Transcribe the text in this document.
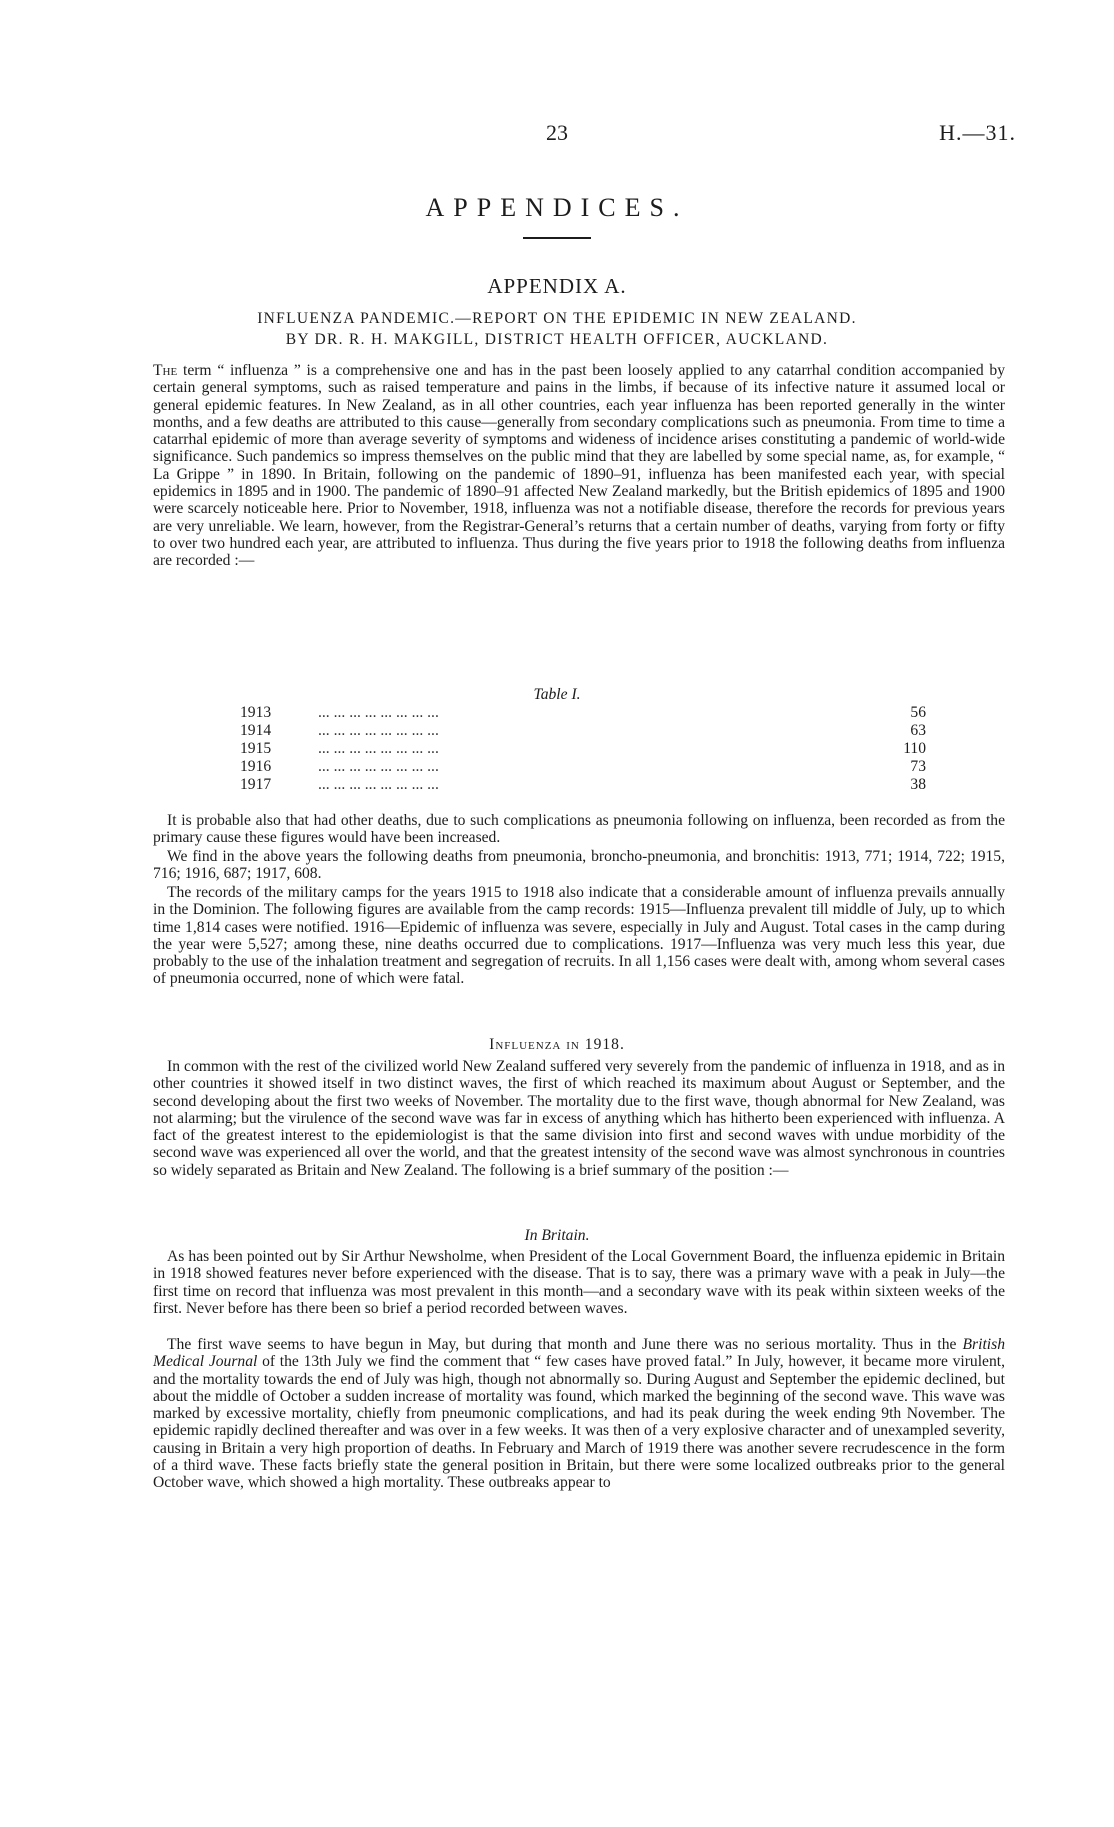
23	H.—31.
APPENDICES.
APPENDIX A.
INFLUENZA PANDEMIC.—REPORT ON THE EPIDEMIC IN NEW ZEALAND.
BY DR. R. H. MAKGILL, DISTRICT HEALTH OFFICER, AUCKLAND.

The term “ influenza ” is a comprehensive one and has in the past been loosely applied to any catarrhal condition accompanied by certain general symptoms, such as raised temperature and pains in the limbs, if because of its infective nature it assumed local or general epidemic features. In New Zealand, as in all other countries, each year influenza has been reported generally in the winter months, and a few deaths are attributed to this cause—generally from secondary complications such as pneumonia. From time to time a catarrhal epidemic of more than average severity of symptoms and wideness of incidence arises constituting a pandemic of world-wide significance. Such pandemics so impress themselves on the public mind that they are labelled by some special name, as, for example, “ La Grippe ” in 1890. In Britain, following on the pandemic of 1890–91, influenza has been manifested each year, with special epidemics in 1895 and in 1900. The pandemic of 1890–91 affected New Zealand markedly, but the British epidemics of 1895 and 1900 were scarcely noticeable here. Prior to November, 1918, influenza was not a notifiable disease, therefore the records for previous years are very unreliable. We learn, however, from the Registrar-General’s returns that a certain number of deaths, varying from forty or fifty to over two hundred each year, are attributed to influenza. Thus during the five years prior to 1918 the following deaths from influenza are recorded :—

Table I.
1913	... ... ... ... ... ... ... ...	56
1914	... ... ... ... ... ... ... ...	63
1915	... ... ... ... ... ... ... ...	110
1916	... ... ... ... ... ... ... ...	73
1917	... ... ... ... ... ... ... ...	38

It is probable also that had other deaths, due to such complications as pneumonia following on influenza, been recorded as from the primary cause these figures would have been increased.

We find in the above years the following deaths from pneumonia, broncho-pneumonia, and bronchitis: 1913, 771; 1914, 722; 1915, 716; 1916, 687; 1917, 608.

The records of the military camps for the years 1915 to 1918 also indicate that a considerable amount of influenza prevails annually in the Dominion. The following figures are available from the camp records: 1915—Influenza prevalent till middle of July, up to which time 1,814 cases were notified. 1916—Epidemic of influenza was severe, especially in July and August. Total cases in the camp during the year were 5,527; among these, nine deaths occurred due to complications. 1917—Influenza was very much less this year, due probably to the use of the inhalation treatment and segregation of recruits. In all 1,156 cases were dealt with, among whom several cases of pneumonia occurred, none of which were fatal.

Influenza in 1918.

In common with the rest of the civilized world New Zealand suffered very severely from the pandemic of influenza in 1918, and as in other countries it showed itself in two distinct waves, the first of which reached its maximum about August or September, and the second developing about the first two weeks of November. The mortality due to the first wave, though abnormal for New Zealand, was not alarming; but the virulence of the second wave was far in excess of anything which has hitherto been experienced with influenza. A fact of the greatest interest to the epidemiologist is that the same division into first and second waves with undue morbidity of the second wave was experienced all over the world, and that the greatest intensity of the second wave was almost synchronous in countries so widely separated as Britain and New Zealand. The following is a brief summary of the position :—

In Britain.

As has been pointed out by Sir Arthur Newsholme, when President of the Local Government Board, the influenza epidemic in Britain in 1918 showed features never before experienced with the disease. That is to say, there was a primary wave with a peak in July—the first time on record that influenza was most prevalent in this month—and a secondary wave with its peak within sixteen weeks of the first. Never before has there been so brief a period recorded between waves.

The first wave seems to have begun in May, but during that month and June there was no serious mortality. Thus in the British Medical Journal of the 13th July we find the comment that “ few cases have proved fatal.” In July, however, it became more virulent, and the mortality towards the end of July was high, though not abnormally so. During August and September the epidemic declined, but about the middle of October a sudden increase of mortality was found, which marked the beginning of the second wave. This wave was marked by excessive mortality, chiefly from pneumonic complications, and had its peak during the week ending 9th November. The epidemic rapidly declined thereafter and was over in a few weeks. It was then of a very explosive character and of unexampled severity, causing in Britain a very high proportion of deaths. In February and March of 1919 there was another severe recrudescence in the form of a third wave. These facts briefly state the general position in Britain, but there were some localized outbreaks prior to the general October wave, which showed a high mortality. These outbreaks appear to
